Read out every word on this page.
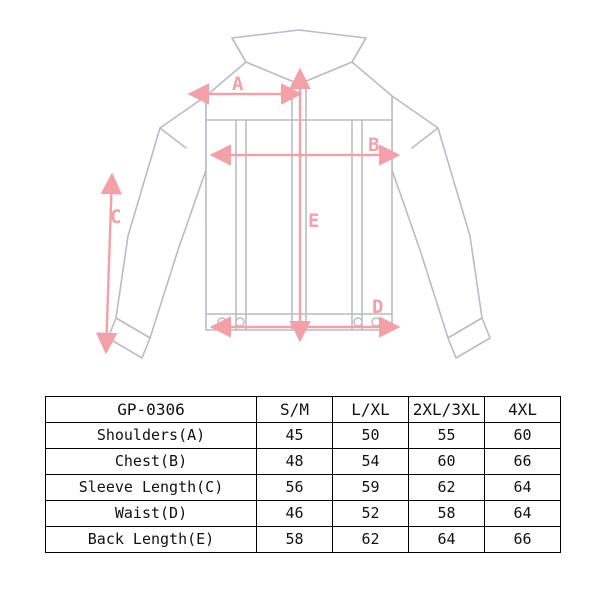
A
B
C
D
E
GP-0306	S/M	L/XL	2XL/3XL	4XL
Shoulders(A)	45	50	55	60
Chest(B)	48	54	60	66
Sleeve Length(C)	56	59	62	64
Waist(D)	46	52	58	64
Back Length(E)	58	62	64	66
